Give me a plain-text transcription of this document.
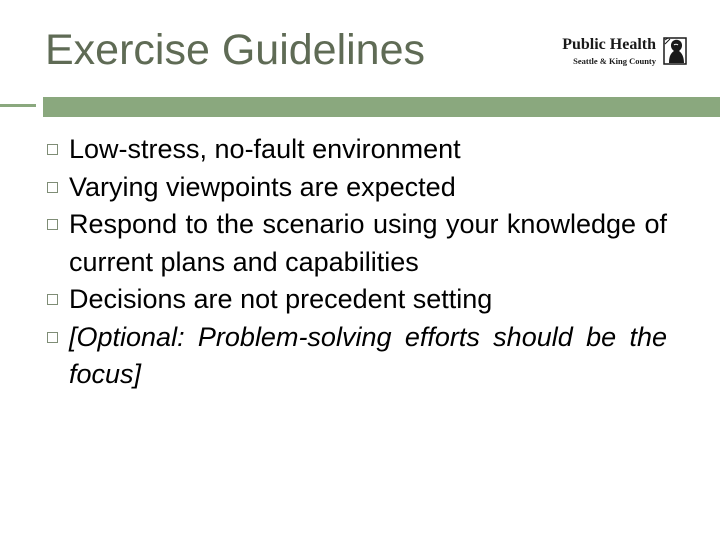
Exercise Guidelines	Public Health
Seattle & King County
Low-stress, no-fault environment
Varying viewpoints are expected
Respond to the scenario using your knowledge of current plans and capabilities
Decisions are not precedent setting
[Optional: Problem-solving efforts should be the focus]
